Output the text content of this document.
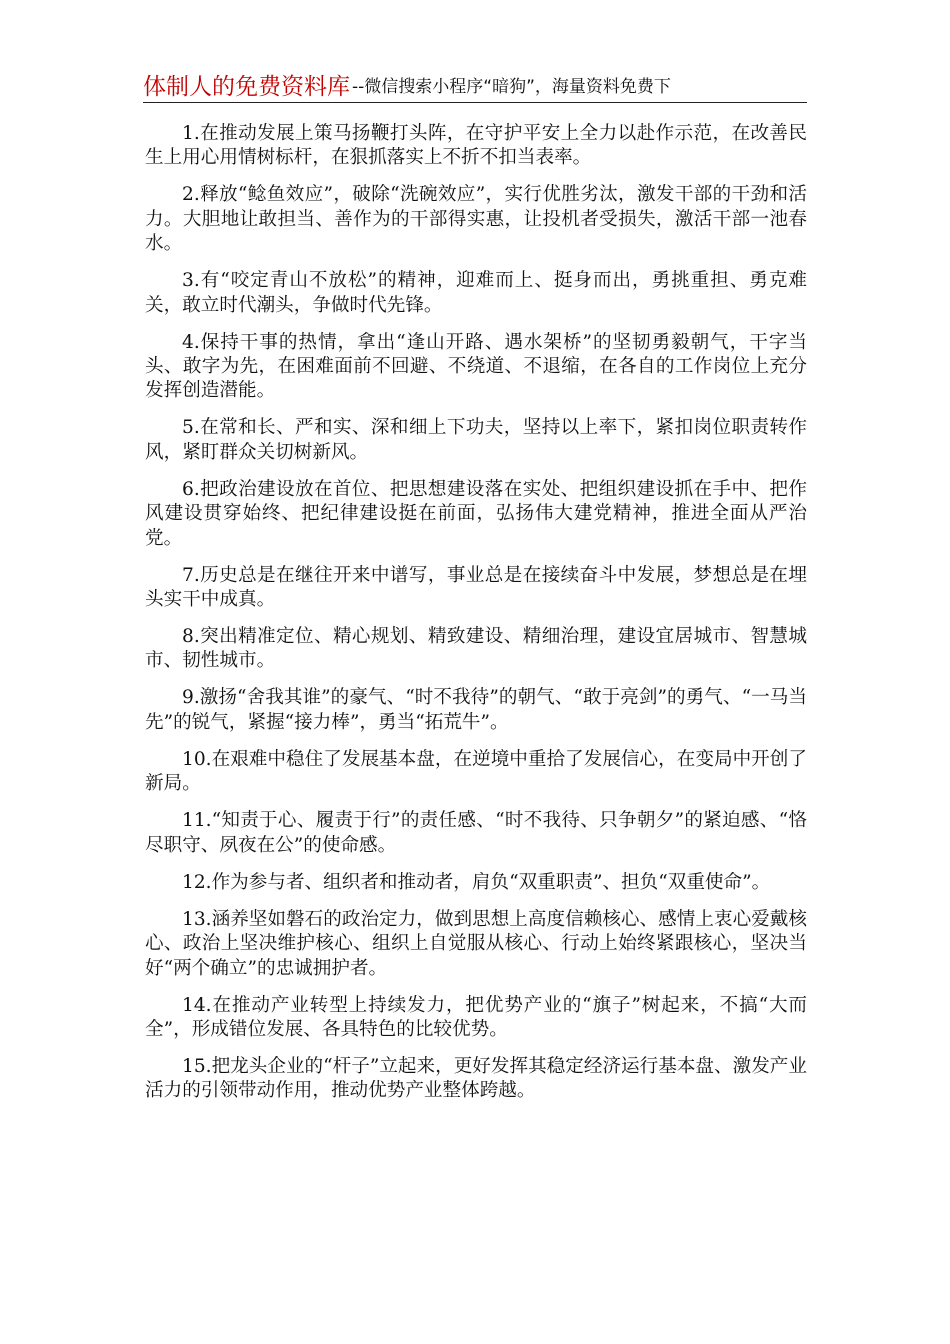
体制人的免费资料库 --微信搜索小程序“暗狗”，海量资料免费下

1.在推动发展上策马扬鞭打头阵，在守护平安上全力以赴作示范，在改善民生上用心用情树标杆，在狠抓落实上不折不扣当表率。

2.释放“鲶鱼效应”，破除“洗碗效应”，实行优胜劣汰，激发干部的干劲和活力。大胆地让敢担当、善作为的干部得实惠，让投机者受损失，激活干部一池春水。

3.有“咬定青山不放松”的精神，迎难而上、挺身而出，勇挑重担、勇克难关，敢立时代潮头，争做时代先锋。

4.保持干事的热情，拿出“逢山开路、遇水架桥”的坚韧勇毅朝气，干字当头、敢字为先，在困难面前不回避、不绕道、不退缩，在各自的工作岗位上充分发挥创造潜能。

5.在常和长、严和实、深和细上下功夫，坚持以上率下，紧扣岗位职责转作风，紧盯群众关切树新风。

6.把政治建设放在首位、把思想建设落在实处、把组织建设抓在手中、把作风建设贯穿始终、把纪律建设挺在前面，弘扬伟大建党精神，推进全面从严治党。

7.历史总是在继往开来中谱写，事业总是在接续奋斗中发展，梦想总是在埋头实干中成真。

8.突出精准定位、精心规划、精致建设、精细治理，建设宜居城市、智慧城市、韧性城市。

9.激扬“舍我其谁”的豪气、“时不我待”的朝气、“敢于亮剑”的勇气、“一马当先”的锐气，紧握“接力棒”，勇当“拓荒牛”。

10.在艰难中稳住了发展基本盘，在逆境中重拾了发展信心，在变局中开创了新局。

11.“知责于心、履责于行”的责任感、“时不我待、只争朝夕”的紧迫感、“恪尽职守、夙夜在公”的使命感。

12.作为参与者、组织者和推动者，肩负“双重职责”、担负“双重使命”。

13.涵养坚如磐石的政治定力，做到思想上高度信赖核心、感情上衷心爱戴核心、政治上坚决维护核心、组织上自觉服从核心、行动上始终紧跟核心，坚决当好“两个确立”的忠诚拥护者。

14.在推动产业转型上持续发力，把优势产业的“旗子”树起来，不搞“大而全”，形成错位发展、各具特色的比较优势。

15.把龙头企业的“杆子”立起来，更好发挥其稳定经济运行基本盘、激发产业活力的引领带动作用，推动优势产业整体跨越。
